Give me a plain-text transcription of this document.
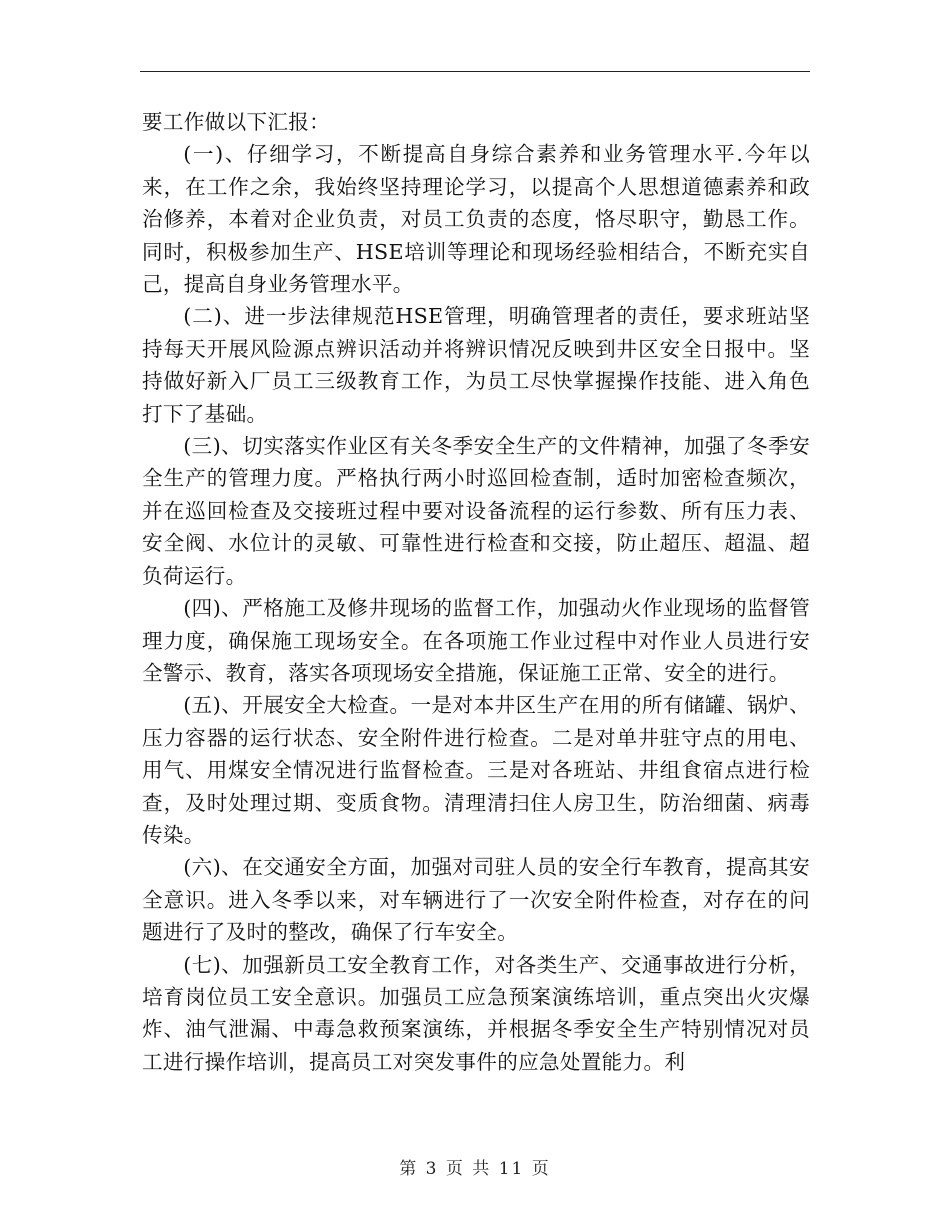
要工作做以下汇报：

(一)、仔细学习，不断提高自身综合素养和业务管理水平.今年以来，在工作之余，我始终坚持理论学习，以提高个人思想道德素养和政治修养，本着对企业负责，对员工负责的态度，恪尽职守，勤恳工作。同时，积极参加生产、HSE培训等理论和现场经验相结合，不断充实自己，提高自身业务管理水平。

(二)、进一步法律规范HSE管理，明确管理者的责任，要求班站坚持每天开展风险源点辨识活动并将辨识情况反映到井区安全日报中。坚持做好新入厂员工三级教育工作，为员工尽快掌握操作技能、进入角色打下了基础。

(三)、切实落实作业区有关冬季安全生产的文件精神，加强了冬季安全生产的管理力度。严格执行两小时巡回检查制，适时加密检查频次，并在巡回检查及交接班过程中要对设备流程的运行参数、所有压力表、安全阀、水位计的灵敏、可靠性进行检查和交接，防止超压、超温、超负荷运行。

(四)、严格施工及修井现场的监督工作，加强动火作业现场的监督管理力度，确保施工现场安全。在各项施工作业过程中对作业人员进行安全警示、教育，落实各项现场安全措施，保证施工正常、安全的进行。

(五)、开展安全大检查。一是对本井区生产在用的所有储罐、锅炉、压力容器的运行状态、安全附件进行检查。二是对单井驻守点的用电、用气、用煤安全情况进行监督检查。三是对各班站、井组食宿点进行检查，及时处理过期、变质食物。清理清扫住人房卫生，防治细菌、病毒传染。

(六)、在交通安全方面，加强对司驻人员的安全行车教育，提高其安全意识。进入冬季以来，对车辆进行了一次安全附件检查，对存在的问题进行了及时的整改，确保了行车安全。

(七)、加强新员工安全教育工作，对各类生产、交通事故进行分析，培育岗位员工安全意识。加强员工应急预案演练培训，重点突出火灾爆炸、油气泄漏、中毒急救预案演练，并根据冬季安全生产特别情况对员工进行操作培训，提高员工对突发事件的应急处置能力。利

第 3 页 共 11 页
